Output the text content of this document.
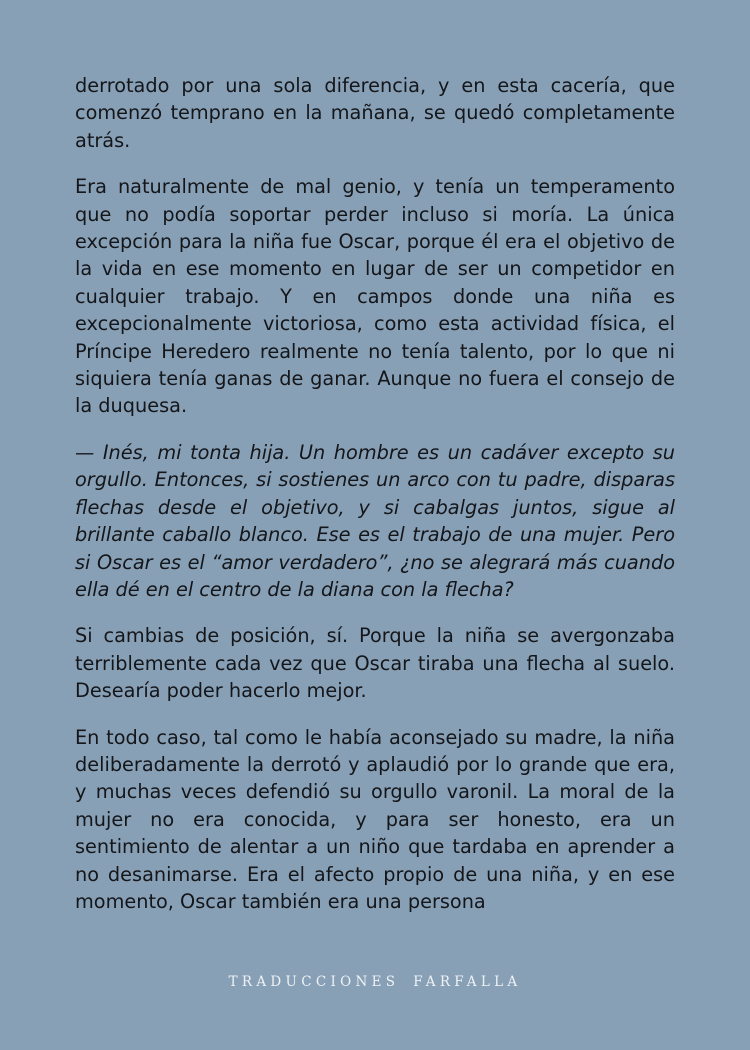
derrotado por una sola diferencia, y en esta cacería, que comenzó temprano en la mañana, se quedó completamente atrás.

Era naturalmente de mal genio, y tenía un temperamento que no podía soportar perder incluso si moría. La única excepción para la niña fue Oscar, porque él era el objetivo de la vida en ese momento en lugar de ser un competidor en cualquier trabajo. Y en campos donde una niña es excepcionalmente victoriosa, como esta actividad física, el Príncipe Heredero realmente no tenía talento, por lo que ni siquiera tenía ganas de ganar. Aunque no fuera el consejo de la duquesa.

— Inés, mi tonta hija. Un hombre es un cadáver excepto su orgullo. Entonces, si sostienes un arco con tu padre, disparas flechas desde el objetivo, y si cabalgas juntos, sigue al brillante caballo blanco. Ese es el trabajo de una mujer. Pero si Oscar es el “amor verdadero”, ¿no se alegrará más cuando ella dé en el centro de la diana con la flecha?

Si cambias de posición, sí. Porque la niña se avergonzaba terriblemente cada vez que Oscar tiraba una flecha al suelo. Desearía poder hacerlo mejor.

En todo caso, tal como le había aconsejado su madre, la niña deliberadamente la derrotó y aplaudió por lo grande que era, y muchas veces defendió su orgullo varonil. La moral de la mujer no era conocida, y para ser honesto, era un sentimiento de alentar a un niño que tardaba en aprender a no desanimarse. Era el afecto propio de una niña, y en ese momento, Oscar también era una persona

TRADUCCIONES FARFALLA
